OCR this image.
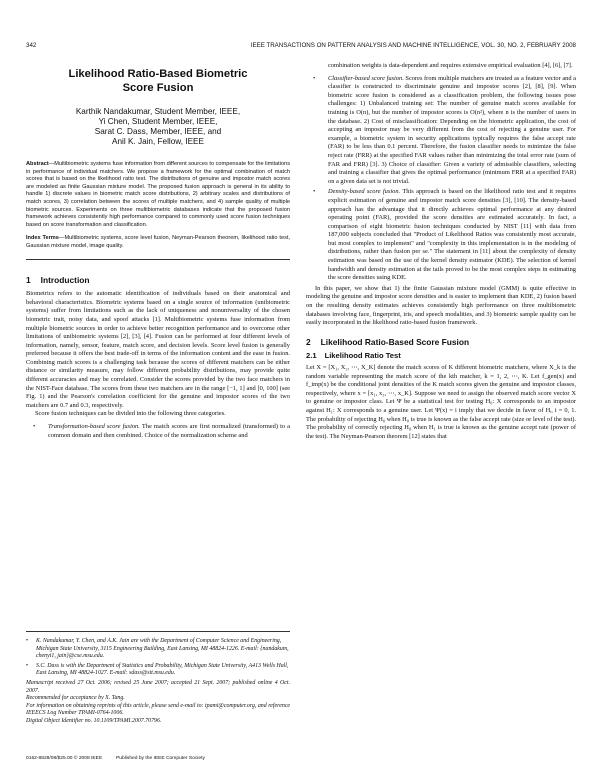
342	IEEE TRANSACTIONS ON PATTERN ANALYSIS AND MACHINE INTELLIGENCE, VOL. 30, NO. 2, FEBRUARY 2008
Likelihood Ratio-Based Biometric
Score Fusion
Karthik Nandakumar, Student Member, IEEE,
Yi Chen, Student Member, IEEE,
Sarat C. Dass, Member, IEEE, and
Anil K. Jain, Fellow, IEEE

Abstract—Multibiometric systems fuse information from different sources to compensate for the limitations in performance of individual matchers. We propose a framework for the optimal combination of match scores that is based on the likelihood ratio test. The distributions of genuine and impostor match scores are modeled as finite Gaussian mixture model. The proposed fusion approach is general in its ability to handle 1) discrete values in biometric match score distributions, 2) arbitrary scales and distributions of match scores, 3) correlation between the scores of multiple matchers, and 4) sample quality of multiple biometric sources. Experiments on three multibiometric databases indicate that the proposed fusion framework achieves consistently high performance compared to commonly used score fusion techniques based on score transformation and classification.

Index Terms—Multibiometric systems, score level fusion, Neyman-Pearson theorem, likelihood ratio test, Gaussian mixture model, image quality.

1 Introduction

Biometrics refers to the automatic identification of individuals based on their anatomical and behavioral characteristics. Biometric systems based on a single source of information (unibiometric systems) suffer from limitations such as the lack of uniqueness and nonuniversality of the chosen biometric trait, noisy data, and spoof attacks [1]. Multibiometric systems fuse information from multiple biometric sources in order to achieve better recognition performance and to overcome other limitations of unibiometric systems [2], [3], [4]. Fusion can be performed at four different levels of information, namely, sensor, feature, match score, and decision levels. Score level fusion is generally preferred because it offers the best trade-off in terms of the information content and the ease in fusion. Combining match scores is a challenging task because the scores of different matchers can be either distance or similarity measure, may follow different probability distributions, may provide quite different accuracies and may be correlated. Consider the scores provided by the two face matchers in the NIST-Face database. The scores from these two matchers are in the range [−1, 1] and [0, 100] (see Fig. 1) and the Pearson's correlation coefficient for the genuine and impostor scores of the two matchers are 0.7 and 0.3, respectively.

Score fusion techniques can be divided into the following three categories.

• Transformation-based score fusion. The match scores are first normalized (transformed) to a common domain and then combined. Choice of the normalization scheme and
• K. Nandakumar, Y. Chen, and A.K. Jain are with the Department of Computer Science and Engineering, Michigan State University, 3115 Engineering Building, East Lansing, MI 48824-1226. E-mail: {nandakum, chenyi1, jain}@cse.msu.edu.
• S.C. Dass is with the Department of Statistics and Probability, Michigan State University, A413 Wells Hall, East Lansing, MI 48824-1027. E-mail: sdass@stt.msu.edu.

Manuscript received 27 Oct. 2006; revised 25 June 2007; accepted 21 Sept. 2007; published online 4 Oct. 2007.

Recommended for acceptance by X. Tang.

For information on obtaining reprints of this article, please send e-mail to: tpami@computer.org, and reference IEEECS Log Number TPAMI-0764-1006.

Digital Object Identifier no. 10.1109/TPAMI.2007.70796.

combination weights is data-dependent and requires extensive empirical evaluation [4], [6], [7].

• Classifier-based score fusion. Scores from multiple matchers are treated as a feature vector and a classifier is constructed to discriminate genuine and impostor scores [2], [8], [9]. When biometric score fusion is considered as a classification problem, the following issues pose challenges: 1) Unbalanced training set: The number of genuine match scores available for training is O(n), but the number of impostor scores is O(n²), where n is the number of users in the database. 2) Cost of misclassification: Depending on the biometric application, the cost of accepting an impostor may be very different from the cost of rejecting a genuine user. For example, a biometric system in security applications typically requires the false accept rate (FAR) to be less than 0.1 percent. Therefore, the fusion classifier needs to minimize the false reject rate (FRR) at the specified FAR values rather than minimizing the total error rate (sum of FAR and FRR) [3]. 3) Choice of classifier: Given a variety of admissible classifiers, selecting and training a classifier that gives the optimal performance (minimum FRR at a specified FAR) on a given data set is not trivial.
• Density-based score fusion. This approach is based on the likelihood ratio test and it requires explicit estimation of genuine and impostor match score densities [3], [10]. The density-based approach has the advantage that it directly achieves optimal performance at any desired operating point (FAR), provided the score densities are estimated accurately. In fact, a comparison of eight biometric fusion techniques conducted by NIST [11] with data from 187,000 subjects concluded that "Product of Likelihood Ratios was consistently most accurate, but most complex to implement" and "complexity in this implementation is in the modeling of distributions, rather than fusion per se." The statement in [11] about the complexity of density estimation was based on the use of the kernel density estimator (KDE). The selection of kernel bandwidth and density estimation at the tails proved to be the most complex steps in estimating the score densities using KDE.

In this paper, we show that 1) the finite Gaussian mixture model (GMM) is quite effective in modeling the genuine and impostor score densities and is easier to implement than KDE, 2) fusion based on the resulting density estimates achieves consistently high performance on three multibiometric databases involving face, fingerprint, iris, and speech modalities, and 3) biometric sample quality can be easily incorporated in the likelihood ratio-based fusion framework.

2 Likelihood Ratio-Based Score Fusion
2.1 Likelihood Ratio Test

Let X = [X₁, X₂, ⋯, X_K] denote the match scores of K different biometric matchers, where X_k is the random variable representing the match score of the kth matcher, k = 1, 2, ⋯, K. Let f_gen(x) and f_imp(x) be the conditional joint densities of the K match scores given the genuine and impostor classes, respectively, where x = [x₁, x₂, ⋯, x_K]. Suppose we need to assign the observed match score vector X to genuine or impostor class. Let Ψ be a statistical test for testing H₀: X corresponds to an impostor against H₁: X corresponds to a genuine user. Let Ψ(x) = i imply that we decide in favor of Hᵢ, i = 0, 1. The probability of rejecting H₀ when H₀ is true is known as the false accept rate (size or level of the test). The probability of correctly rejecting H₀ when H₁ is true is known as the genuine accept rate (power of the test). The Neyman-Pearson theorem [12] states that

0162-8828/08/$25.00 © 2008 IEEE	Published by the IEEE Computer Society
